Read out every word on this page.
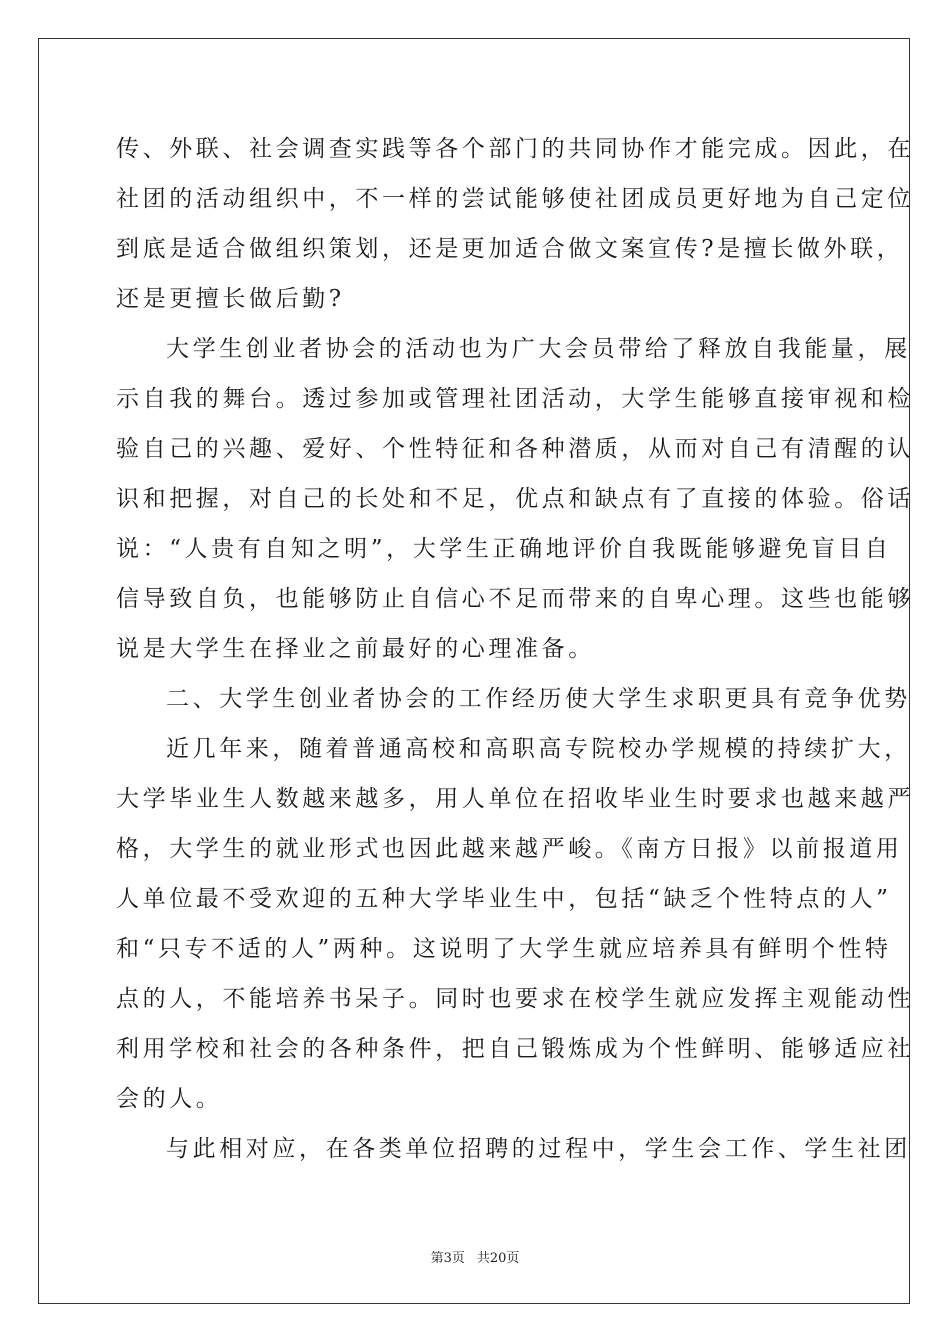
传、外联、社会调查实践等各个部门的共同协作才能完成。因此，在
社团的活动组织中，不一样的尝试能够使社团成员更好地为自己定位
到底是适合做组织策划，还是更加适合做文案宣传?是擅长做外联，
还是更擅长做后勤?
大学生创业者协会的活动也为广大会员带给了释放自我能量，展
示自我的舞台。透过参加或管理社团活动，大学生能够直接审视和检
验自己的兴趣、爱好、个性特征和各种潜质，从而对自己有清醒的认
识和把握，对自己的长处和不足，优点和缺点有了直接的体验。俗话
说：“人贵有自知之明”，大学生正确地评价自我既能够避免盲目自
信导致自负，也能够防止自信心不足而带来的自卑心理。这些也能够
说是大学生在择业之前最好的心理准备。
二、大学生创业者协会的工作经历使大学生求职更具有竞争优势
近几年来，随着普通高校和高职高专院校办学规模的持续扩大，
大学毕业生人数越来越多，用人单位在招收毕业生时要求也越来越严
格，大学生的就业形式也因此越来越严峻。《南方日报》以前报道用
人单位最不受欢迎的五种大学毕业生中，包括“缺乏个性特点的人”
和“只专不适的人”两种。这说明了大学生就应培养具有鲜明个性特
点的人，不能培养书呆子。同时也要求在校学生就应发挥主观能动性
利用学校和社会的各种条件，把自己锻炼成为个性鲜明、能够适应社
会的人。
与此相对应，在各类单位招聘的过程中，学生会工作、学生社团
第3页 共20页
